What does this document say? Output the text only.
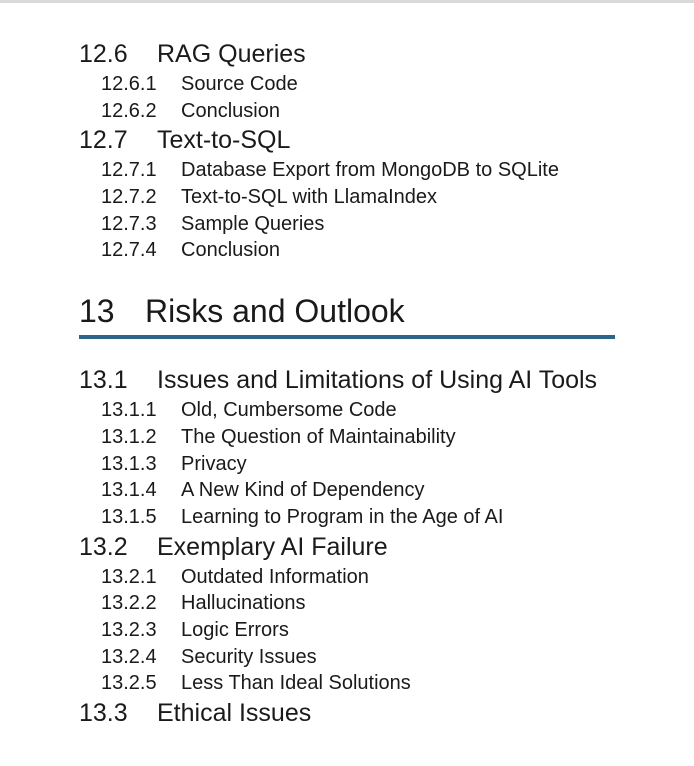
12.6 RAG Queries
12.6.1 Source Code
12.6.2 Conclusion
12.7 Text-to-SQL
12.7.1 Database Export from MongoDB to SQLite
12.7.2 Text-to-SQL with LlamaIndex
12.7.3 Sample Queries
12.7.4 Conclusion
13 Risks and Outlook
13.1 Issues and Limitations of Using AI Tools
13.1.1 Old, Cumbersome Code
13.1.2 The Question of Maintainability
13.1.3 Privacy
13.1.4 A New Kind of Dependency
13.1.5 Learning to Program in the Age of AI
13.2 Exemplary AI Failure
13.2.1 Outdated Information
13.2.2 Hallucinations
13.2.3 Logic Errors
13.2.4 Security Issues
13.2.5 Less Than Ideal Solutions
13.3 Ethical Issues
